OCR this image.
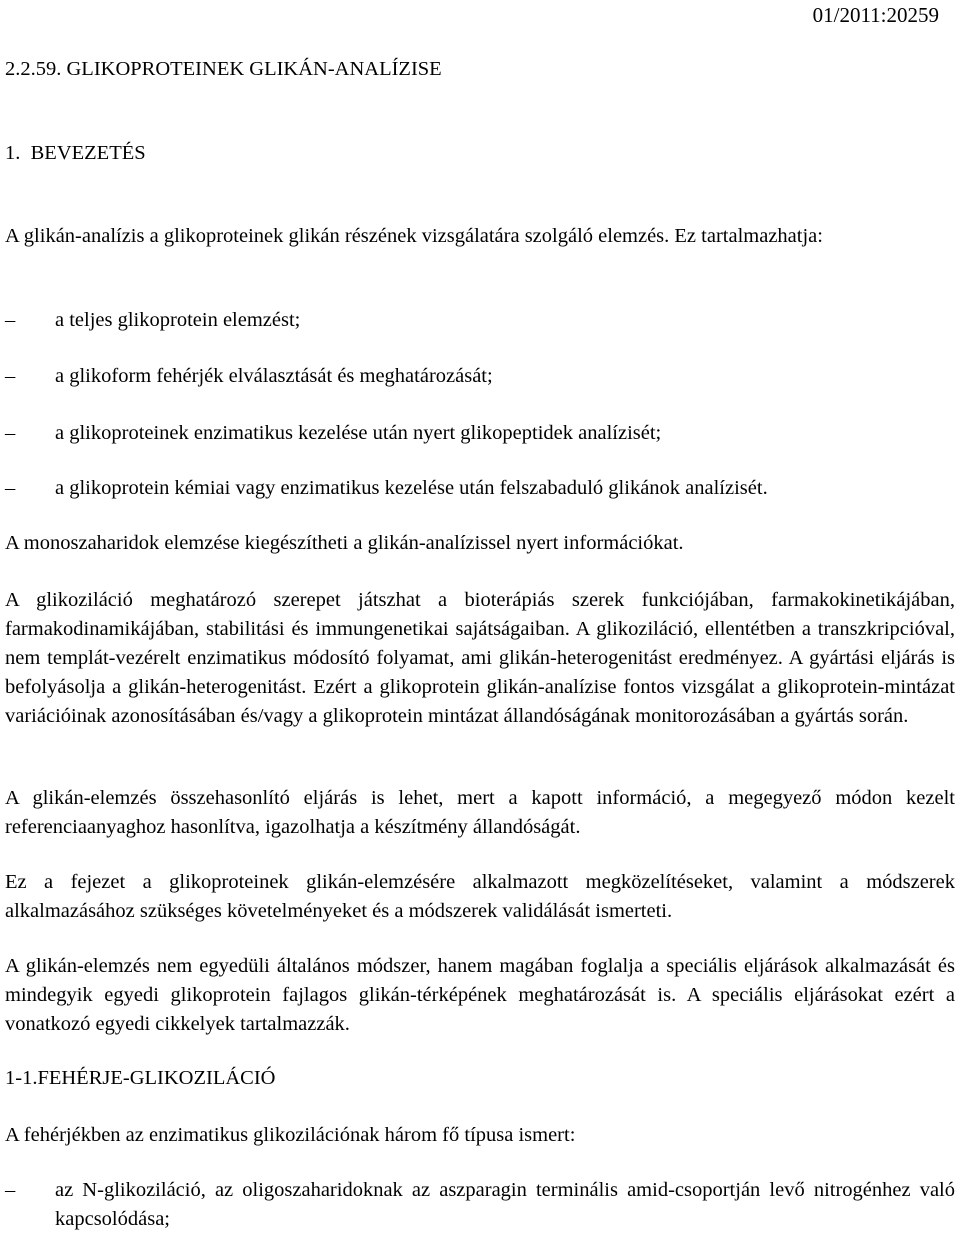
01/2011:20259
2.2.59. GLIKOPROTEINEK GLIKÁN-ANALÍZISE
1.  BEVEZETÉS
A glikán-analízis a glikoproteinek glikán részének vizsgálatára szolgáló elemzés. Ez tartalmazhatja:
– a teljes glikoprotein elemzést;
– a glikoform fehérjék elválasztását és meghatározását;
– a glikoproteinek enzimatikus kezelése után nyert glikopeptidek analízisét;
– a glikoprotein kémiai vagy enzimatikus kezelése után felszabaduló glikánok analízisét.
A monoszaharidok elemzése kiegészítheti a glikán-analízissel nyert információkat.
A glikoziláció meghatározó szerepet játszhat a bioterápiás szerek funkciójában, farmakokinetikájában, farmakodinamikájában, stabilitási és immungenetikai sajátságaiban. A glikoziláció, ellentétben a transzkripcióval, nem templát-vezérelt enzimatikus módosító folyamat, ami glikán-heterogenitást eredményez. A gyártási eljárás is befolyásolja a glikán-heterogenitást. Ezért a glikoprotein glikán-analízise fontos vizsgálat a glikoprotein-mintázat variációinak azonosításában és/vagy a glikoprotein mintázat állandóságának monitorozásában a gyártás során.
A glikán-elemzés összehasonlító eljárás is lehet, mert a kapott információ, a megegyező módon kezelt referenciaanyaghoz hasonlítva, igazolhatja a készítmény állandóságát.
Ez a fejezet a glikoproteinek glikán-elemzésére alkalmazott megközelítéseket, valamint a módszerek alkalmazásához szükséges követelményeket és a módszerek validálását ismerteti.
A glikán-elemzés nem egyedüli általános módszer, hanem magában foglalja a speciális eljárások alkalmazását és mindegyik egyedi glikoprotein fajlagos glikán-térképének meghatározását is. A speciális eljárásokat ezért a vonatkozó egyedi cikkelyek tartalmazzák.
1-1.FEHÉRJE-GLIKOZILÁCIÓ
A fehérjékben az enzimatikus glikozilációnak három fő típusa ismert:
– az N-glikoziláció, az oligoszaharidoknak az aszparagin terminális amid-csoportján levő nitrogénhez való kapcsolódása;
